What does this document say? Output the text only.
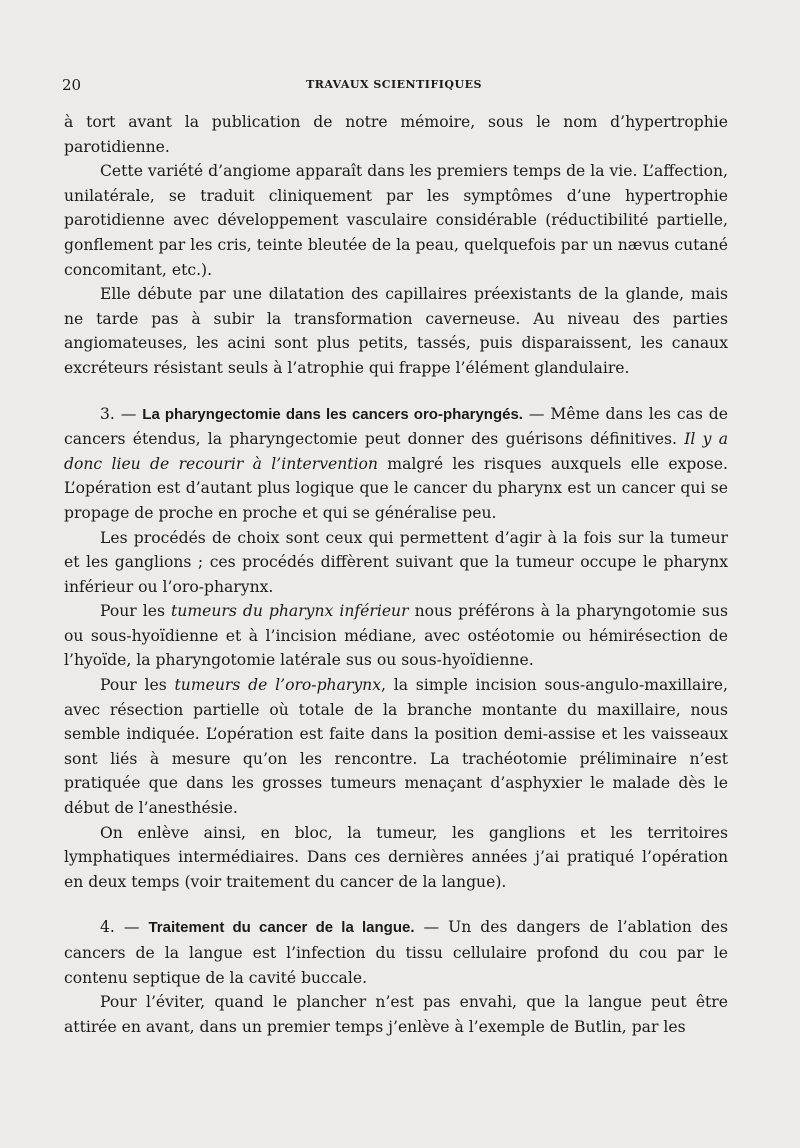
20	TRAVAUX SCIENTIFIQUES

à tort avant la publication de notre mémoire, sous le nom d’hypertrophie parotidienne.

Cette variété d’angiome apparaît dans les premiers temps de la vie. L’affection, unilatérale, se traduit cliniquement par les symptômes d’une hypertrophie parotidienne avec développement vasculaire considérable (réductibilité partielle, gonflement par les cris, teinte bleutée de la peau, quelquefois par un nævus cutané concomitant, etc.).

Elle débute par une dilatation des capillaires préexistants de la glande, mais ne tarde pas à subir la transformation caverneuse. Au niveau des parties angiomateuses, les acini sont plus petits, tassés, puis disparaissent, les canaux excréteurs résistant seuls à l’atrophie qui frappe l’élément glandulaire.

3. — La pharyngectomie dans les cancers oro-pharyngés. — Même dans les cas de cancers étendus, la pharyngectomie peut donner des guérisons définitives. Il y a donc lieu de recourir à l’intervention malgré les risques auxquels elle expose. L’opération est d’autant plus logique que le cancer du pharynx est un cancer qui se propage de proche en proche et qui se généralise peu.

Les procédés de choix sont ceux qui permettent d’agir à la fois sur la tumeur et les ganglions ; ces procédés diffèrent suivant que la tumeur occupe le pharynx inférieur ou l’oro-pharynx.

Pour les tumeurs du pharynx inférieur nous préférons à la pharyngotomie sus ou sous-hyoïdienne et à l’incision médiane, avec ostéotomie ou hémirésection de l’hyoïde, la pharyngotomie latérale sus ou sous-hyoïdienne.

Pour les tumeurs de l’oro-pharynx, la simple incision sous-angulo-maxillaire, avec résection partielle où totale de la branche montante du maxillaire, nous semble indiquée. L’opération est faite dans la position demi-assise et les vaisseaux sont liés à mesure qu’on les rencontre. La trachéotomie préliminaire n’est pratiquée que dans les grosses tumeurs menaçant d’asphyxier le malade dès le début de l’anesthésie.

On enlève ainsi, en bloc, la tumeur, les ganglions et les territoires lymphatiques intermédiaires. Dans ces dernières années j’ai pratiqué l’opération en deux temps (voir traitement du cancer de la langue).

4. — Traitement du cancer de la langue. — Un des dangers de l’ablation des cancers de la langue est l’infection du tissu cellulaire profond du cou par le contenu septique de la cavité buccale.

Pour l’éviter, quand le plancher n’est pas envahi, que la langue peut être attirée en avant, dans un premier temps j’enlève à l’exemple de Butlin, par les
